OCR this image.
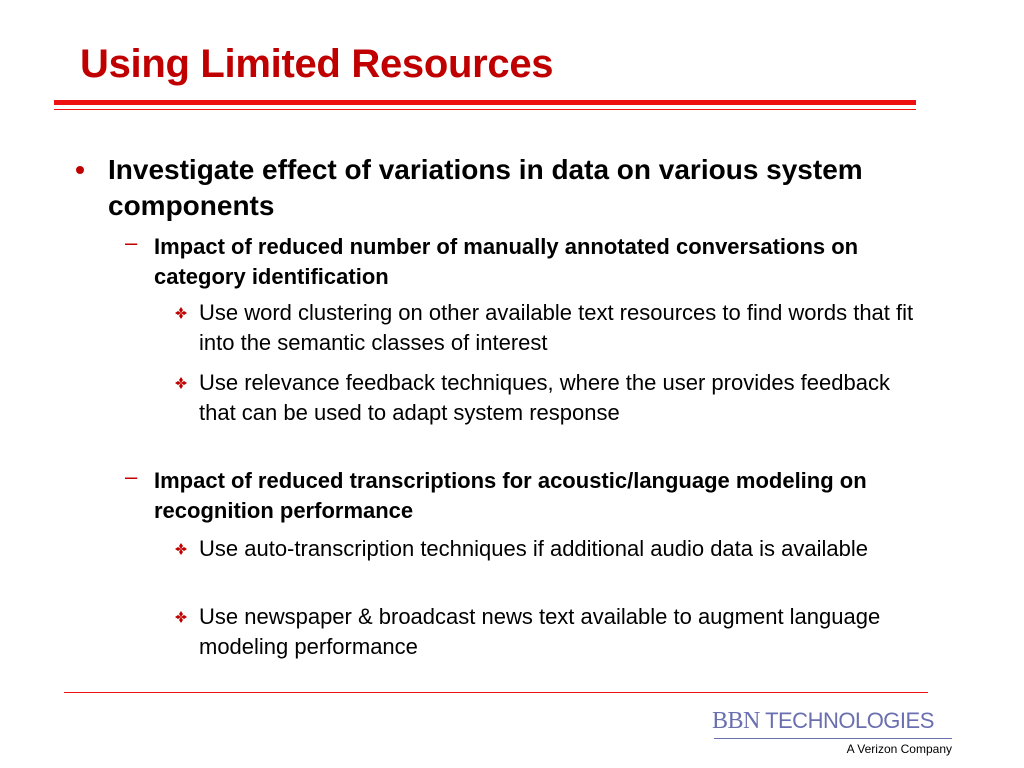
Using Limited Resources
Investigate effect of variations in data on various system components
– Impact of reduced number of manually annotated conversations on category identification
Use word clustering on other available text resources to find words that fit into the semantic classes of interest
Use relevance feedback techniques, where the user provides feedback that can be used to adapt system response
– Impact of reduced transcriptions for acoustic/language modeling on recognition performance
Use auto-transcription techniques if additional audio data is available
Use newspaper & broadcast news text available to augment language modeling performance
BBN TECHNOLOGIES
A Verizon Company
